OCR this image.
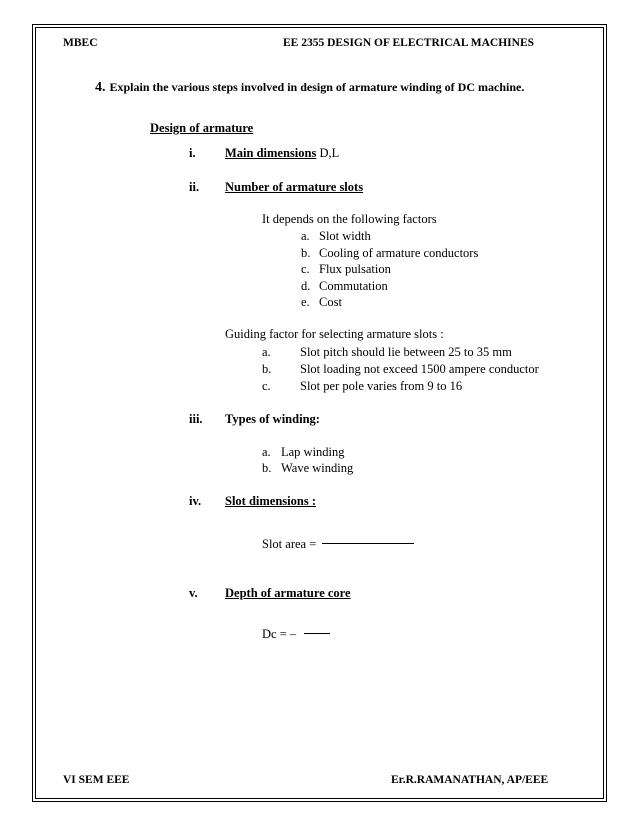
MBEC	EE 2355 DESIGN OF ELECTRICAL MACHINES
4. Explain the various steps involved in design of armature winding of DC machine.
Design of armature
i. Main dimensions D,L
ii. Number of armature slots
It depends on the following factors
a. Slot width
b. Cooling of armature conductors
c. Flux pulsation
d. Commutation
e. Cost
Guiding factor for selecting armature slots :
a. Slot pitch should lie between 25 to 35 mm
b. Slot loading not exceed 1500 ampere conductor
c. Slot per pole varies from 9 to 16
iii. Types of winding:
a. Lap winding
b. Wave winding
iv. Slot dimensions :
Slot area =
v. Depth of armature core
Dc = –
VI SEM EEE	Er.R.RAMANATHAN, AP/EEE
